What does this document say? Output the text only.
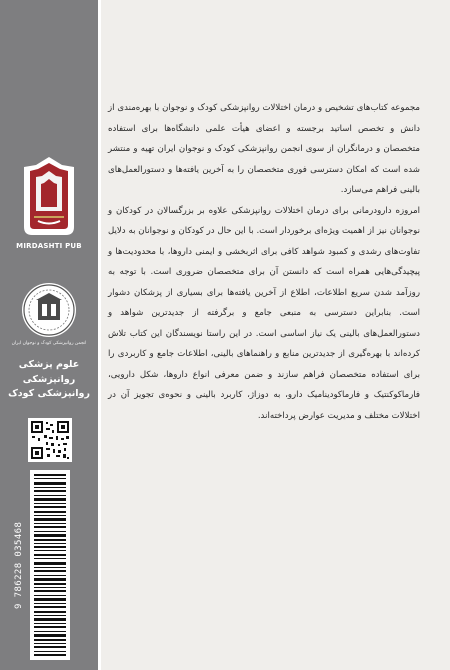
MIRDASHTI PUB
انجمن روانپزشکی کودک و نوجوان ایران
علوم پزشکی
روانپزشکی
روانپزشکی کودک
9 786228 035468

مجموعه کتاب‌های تشخیص و درمان اختلالات روانپزشکی کودک و نوجوان با بهره‌مندی از دانش و تخصص اساتید برجسته و اعضای هیأت علمی دانشگاه‌ها برای استفاده متخصصان و درمانگران از سوی انجمن روانپزشکی کودک و نوجوان ایران تهیه و منتشر شده است که امکان دسترسی فوری متخصصان را به آخرین یافته‌ها و دستورالعمل‌های بالینی فراهم می‌سازد.

امروزه دارودرمانی برای درمان اختلالات روانپزشکی علاوه بر بزرگسالان در کودکان و نوجوانان نیز از اهمیت ویژه‌ای برخوردار است. با این حال در کودکان و نوجوانان به دلایل تفاوت‌های رشدی و کمبود شواهد کافی برای اثربخشی و ایمنی داروها، با محدودیت‌ها و پیچیدگی‌هایی همراه است که دانستن آن برای متخصصان ضروری است. با توجه به روزآمد شدن سریع اطلاعات، اطلاع از آخرین یافته‌ها برای بسیاری از پزشکان دشوار است. بنابراین دسترسی به منبعی جامع و برگرفته از جدیدترین شواهد و دستورالعمل‌های بالینی یک نیاز اساسی است. در این راستا نویسندگان این کتاب تلاش کرده‌اند با بهره‌گیری از جدیدترین منابع و راهنماهای بالینی، اطلاعات جامع و کاربردی را برای استفاده متخصصان فراهم سازند و ضمن معرفی انواع داروها، شکل دارویی، فارماکوکنتیک و فارماکودینامیک دارو، به دوزاژ، کاربرد بالینی و نحوه‌ی تجویز آن در اختلالات مختلف و مدیریت عوارض پرداخته‌اند.
